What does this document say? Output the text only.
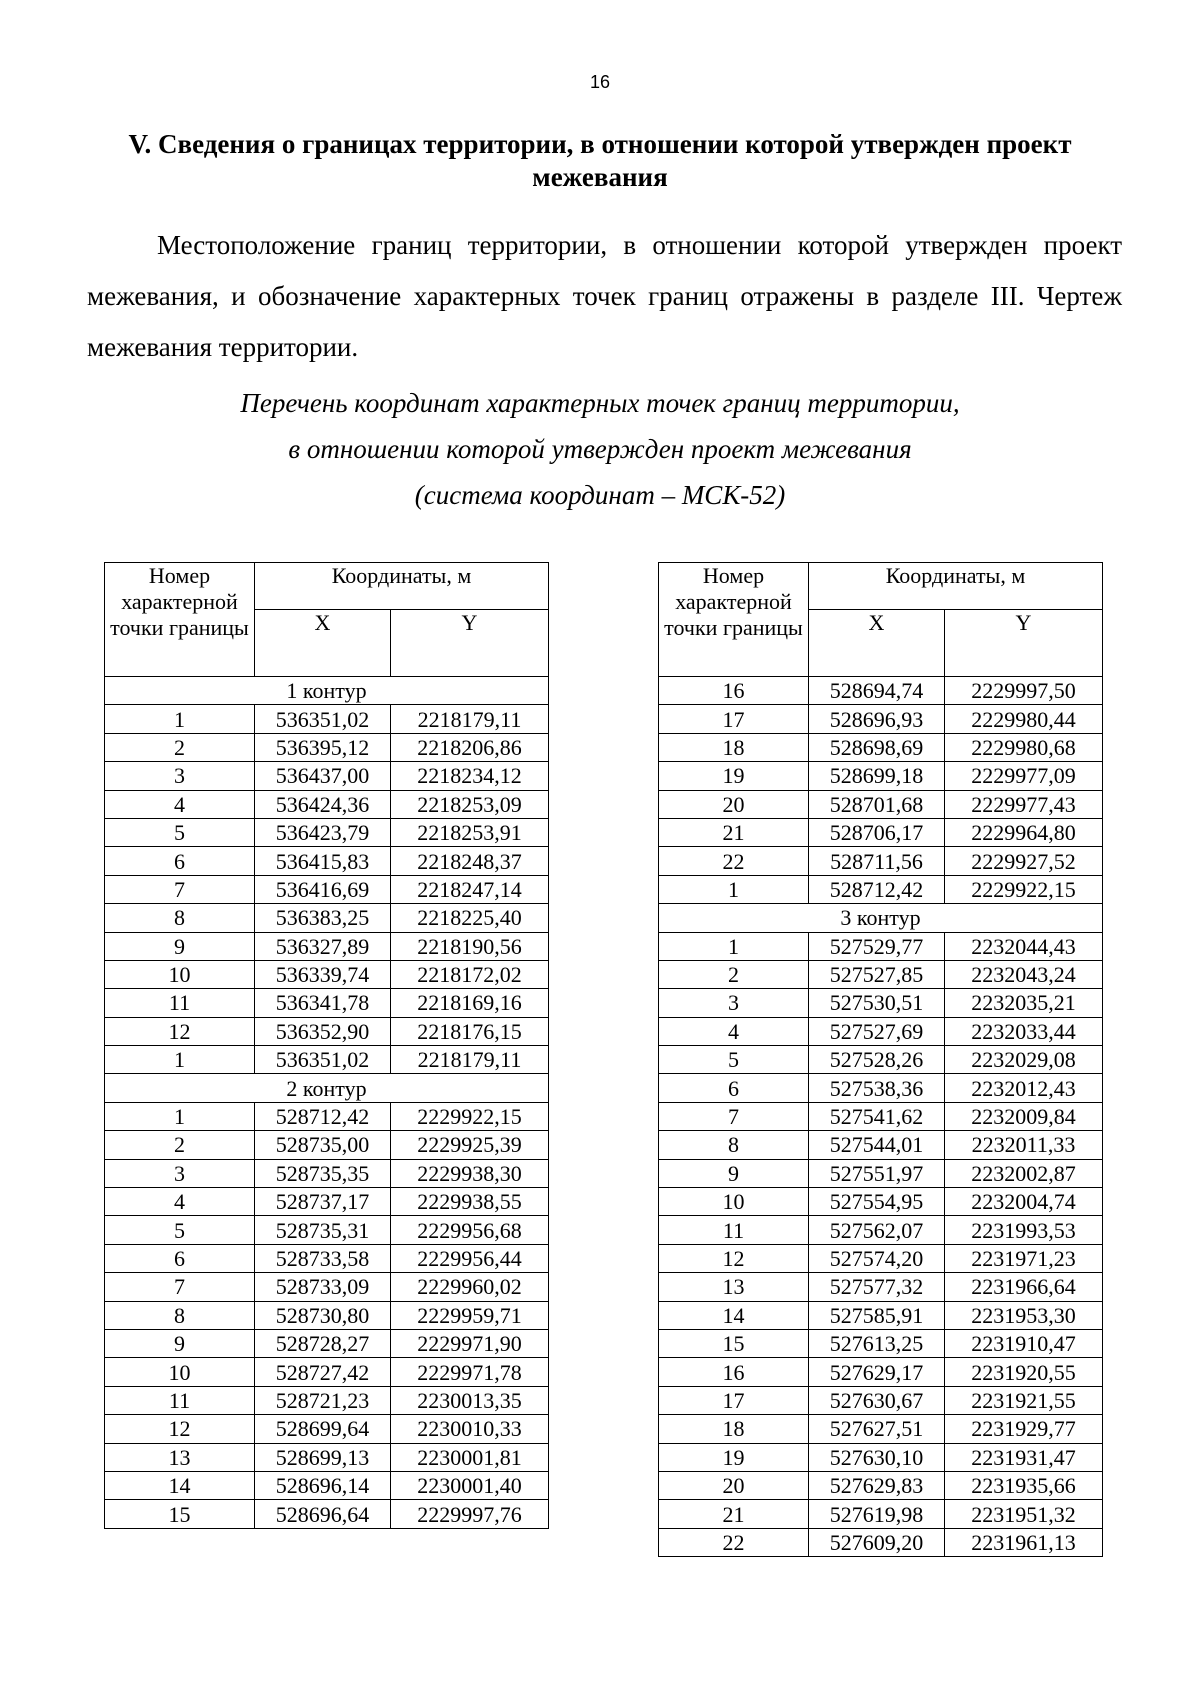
16
V. Сведения о границах территории, в отношении которой утвержден проект
межевания
Местоположение границ территории, в отношении которой утвержден проект межевания, и обозначение характерных точек границ отражены в разделе III. Чертеж межевания территории.
Перечень координат характерных точек границ территории,
в отношении которой утвержден проект межевания
(система координат – МСК-52)
Номер характерной точки границы	Координаты, м	
	X	Y
1 контур		
1	536351,02	2218179,11
2	536395,12	2218206,86
3	536437,00	2218234,12
4	536424,36	2218253,09
5	536423,79	2218253,91
6	536415,83	2218248,37
7	536416,69	2218247,14
8	536383,25	2218225,40
9	536327,89	2218190,56
10	536339,74	2218172,02
11	536341,78	2218169,16
12	536352,90	2218176,15
1	536351,02	2218179,11
2 контур		
1	528712,42	2229922,15
2	528735,00	2229925,39
3	528735,35	2229938,30
4	528737,17	2229938,55
5	528735,31	2229956,68
6	528733,58	2229956,44
7	528733,09	2229960,02
8	528730,80	2229959,71
9	528728,27	2229971,90
10	528727,42	2229971,78
11	528721,23	2230013,35
12	528699,64	2230010,33
13	528699,13	2230001,81
14	528696,14	2230001,40
15	528696,64	2229997,76
Номер характерной точки границы	Координаты, м	
	X	Y
16	528694,74	2229997,50
17	528696,93	2229980,44
18	528698,69	2229980,68
19	528699,18	2229977,09
20	528701,68	2229977,43
21	528706,17	2229964,80
22	528711,56	2229927,52
1	528712,42	2229922,15
3 контур		
1	527529,77	2232044,43
2	527527,85	2232043,24
3	527530,51	2232035,21
4	527527,69	2232033,44
5	527528,26	2232029,08
6	527538,36	2232012,43
7	527541,62	2232009,84
8	527544,01	2232011,33
9	527551,97	2232002,87
10	527554,95	2232004,74
11	527562,07	2231993,53
12	527574,20	2231971,23
13	527577,32	2231966,64
14	527585,91	2231953,30
15	527613,25	2231910,47
16	527629,17	2231920,55
17	527630,67	2231921,55
18	527627,51	2231929,77
19	527630,10	2231931,47
20	527629,83	2231935,66
21	527619,98	2231951,32
22	527609,20	2231961,13
